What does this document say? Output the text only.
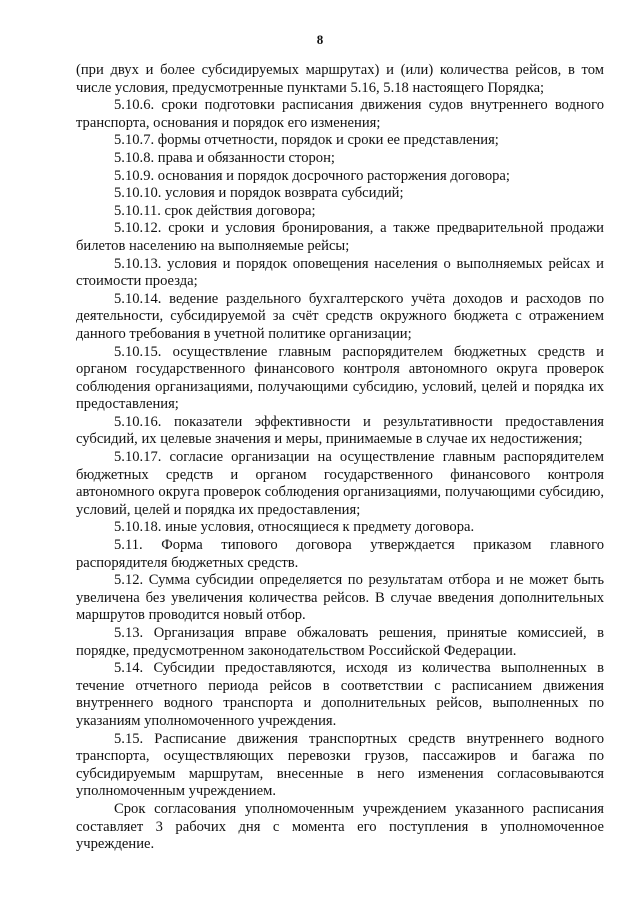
8

(при двух и более субсидируемых маршрутах) и (или) количества рейсов, в том числе условия, предусмотренные пунктами 5.16, 5.18 настоящего Порядка;

5.10.6. сроки подготовки расписания движения судов внутреннего водного транспорта, основания и порядок его изменения;

5.10.7. формы отчетности, порядок и сроки ее представления;

5.10.8. права и обязанности сторон;

5.10.9. основания и порядок досрочного расторжения договора;

5.10.10. условия и порядок возврата субсидий;

5.10.11. срок действия договора;

5.10.12. сроки и условия бронирования, а также предварительной продажи билетов населению на выполняемые рейсы;

5.10.13. условия и порядок оповещения населения о выполняемых рейсах и стоимости проезда;

5.10.14. ведение раздельного бухгалтерского учёта доходов и расходов по деятельности, субсидируемой за счёт средств окружного бюджета с отражением данного требования в учетной политике организации;

5.10.15. осуществление главным распорядителем бюджетных средств и органом государственного финансового контроля автономного округа проверок соблюдения организациями, получающими субсидию, условий, целей и порядка их предоставления;

5.10.16. показатели эффективности и результативности предоставления субсидий, их целевые значения и меры, принимаемые в случае их недостижения;

5.10.17. согласие организации на осуществление главным распорядителем бюджетных средств и органом государственного финансового контроля автономного округа проверок соблюдения организациями, получающими субсидию, условий, целей и порядка их предоставления;

5.10.18. иные условия, относящиеся к предмету договора.

5.11. Форма типового договора утверждается приказом главного распорядителя бюджетных средств.

5.12. Сумма субсидии определяется по результатам отбора и не может быть увеличена без увеличения количества рейсов. В случае введения дополнительных маршрутов проводится новый отбор.

5.13. Организация вправе обжаловать решения, принятые комиссией, в порядке, предусмотренном законодательством Российской Федерации.

5.14. Субсидии предоставляются, исходя из количества выполненных в течение отчетного периода рейсов в соответствии с расписанием движения внутреннего водного транспорта и дополнительных рейсов, выполненных по указаниям уполномоченного учреждения.

5.15. Расписание движения транспортных средств внутреннего водного транспорта, осуществляющих перевозки грузов, пассажиров и багажа по субсидируемым маршрутам, внесенные в него изменения согласовываются уполномоченным учреждением.

Срок согласования уполномоченным учреждением указанного расписания составляет 3 рабочих дня с момента его поступления в уполномоченное учреждение.
